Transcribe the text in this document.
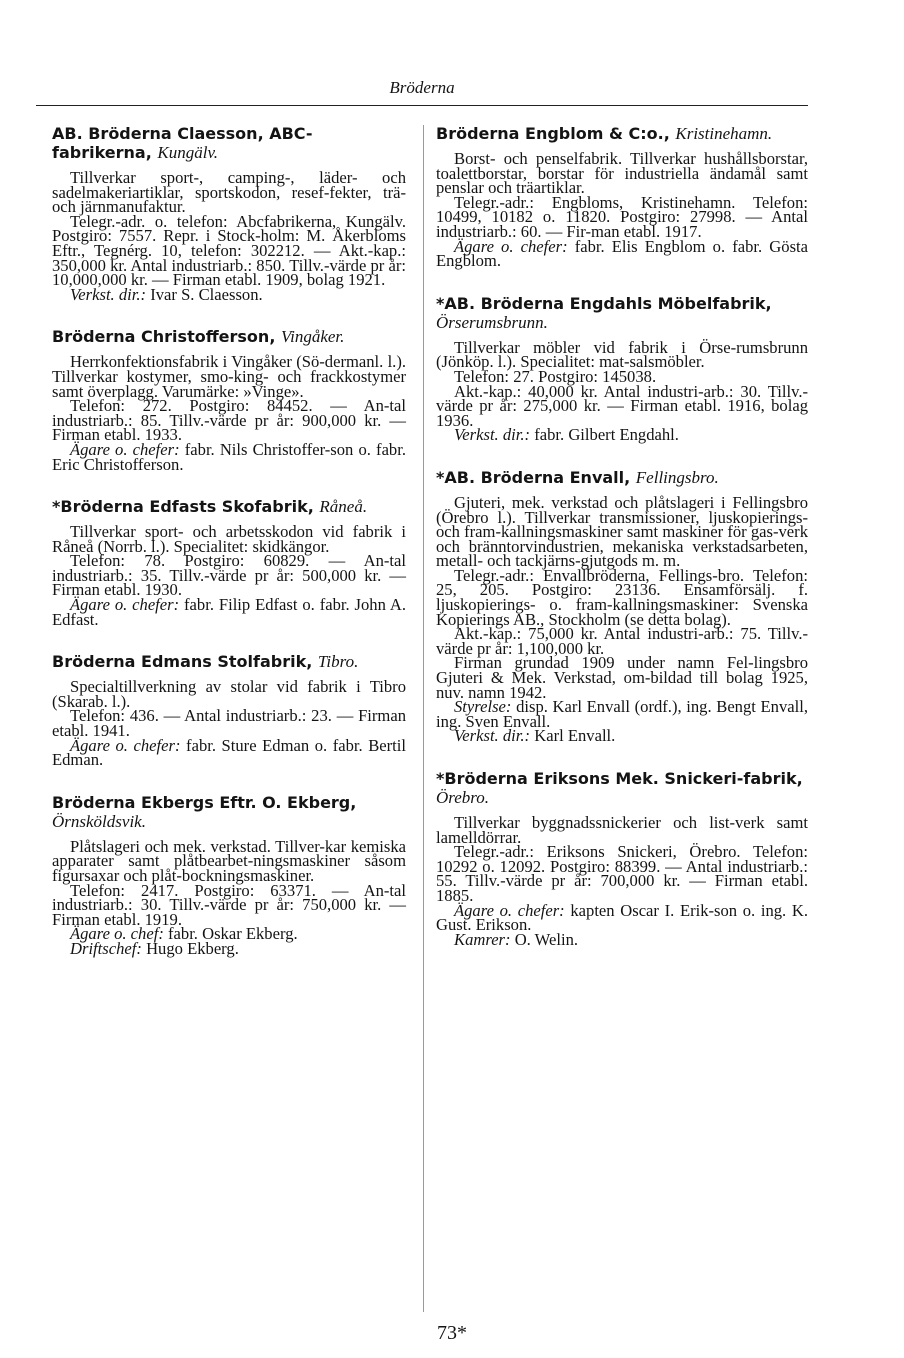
Bröderna
AB. Bröderna Claesson, ABC-fabrikerna, Kungälv.

Tillverkar sport-, camping-, läder- och sadelmakeriartiklar, sportskodon, resef-fekter, trä- och järnmanufaktur.

Telegr.-adr. o. telefon: Abcfabrikerna, Kungälv. Postgiro: 7557. Repr. i Stock-holm: M. Åkerbloms Eftr., Tegnérg. 10, telefon: 302212. — Akt.-kap.: 350,000 kr. Antal industriarb.: 850. Tillv.-värde pr år: 10,000,000 kr. — Firman etabl. 1909, bolag 1921.

Verkst. dir.: Ivar S. Claesson.

Bröderna Christofferson, Vingåker.

Herrkonfektionsfabrik i Vingåker (Sö-dermanl. l.). Tillverkar kostymer, smo-king- och frackkostymer samt överplagg. Varumärke: »Vinge».

Telefon: 272. Postgiro: 84452. — An-tal industriarb.: 85. Tillv.-värde pr år: 900,000 kr. — Firman etabl. 1933.

Ägare o. chefer: fabr. Nils Christoffer-son o. fabr. Eric Christofferson.

*Bröderna Edfasts Skofabrik, Råneå.

Tillverkar sport- och arbetsskodon vid fabrik i Råneå (Norrb. l.). Specialitet: skidkängor.

Telefon: 78. Postgiro: 60829. — An-tal industriarb.: 35. Tillv.-värde pr år: 500,000 kr. — Firman etabl. 1930.

Ägare o. chefer: fabr. Filip Edfast o. fabr. John A. Edfast.

Bröderna Edmans Stolfabrik, Tibro.

Specialtillverkning av stolar vid fabrik i Tibro (Skarab. l.).

Telefon: 436. — Antal industriarb.: 23. — Firman etabl. 1941.

Ägare o. chefer: fabr. Sture Edman o. fabr. Bertil Edman.

Bröderna Ekbergs Eftr. O. Ekberg, Örnsköldsvik.

Plåtslageri och mek. verkstad. Tillver-kar kemiska apparater samt plåtbearbet-ningsmaskiner såsom figursaxar och plåt-bockningsmaskiner.

Telefon: 2417. Postgiro: 63371. — An-tal industriarb.: 30. Tillv.-värde pr år: 750,000 kr. — Firman etabl. 1919.

Ägare o. chef: fabr. Oskar Ekberg.

Driftschef: Hugo Ekberg.

Bröderna Engblom & C:o., Kristinehamn.

Borst- och penselfabrik. Tillverkar hushållsborstar, toalettborstar, borstar för industriella ändamål samt penslar och träartiklar.

Telegr.-adr.: Engbloms, Kristinehamn. Telefon: 10499, 10182 o. 11820. Postgiro: 27998. — Antal industriarb.: 60. — Fir-man etabl. 1917.

Ägare o. chefer: fabr. Elis Engblom o. fabr. Gösta Engblom.

*AB. Bröderna Engdahls Möbelfabrik, Örserumsbrunn.

Tillverkar möbler vid fabrik i Örse-rumsbrunn (Jönköp. l.). Specialitet: mat-salsmöbler.

Telefon: 27. Postgiro: 145038.

Akt.-kap.: 40,000 kr. Antal industri-arb.: 30. Tillv.-värde pr år: 275,000 kr. — Firman etabl. 1916, bolag 1936.

Verkst. dir.: fabr. Gilbert Engdahl.

*AB. Bröderna Envall, Fellingsbro.

Gjuteri, mek. verkstad och plåtslageri i Fellingsbro (Örebro l.). Tillverkar transmissioner, ljuskopierings- och fram-kallningsmaskiner samt maskiner för gas-verk och bränntorvindustrien, mekaniska verkstadsarbeten, metall- och tackjärns-gjutgods m. m.

Telegr.-adr.: Envallbröderna, Fellings-bro. Telefon: 25, 205. Postgiro: 23136. Ensamförsälj. f. ljuskopierings- o. fram-kallningsmaskiner: Svenska Kopierings AB., Stockholm (se detta bolag).

Akt.-kap.: 75,000 kr. Antal industri-arb.: 75. Tillv.-värde pr år: 1,100,000 kr.

Firman grundad 1909 under namn Fel-lingsbro Gjuteri & Mek. Verkstad, om-bildad till bolag 1925, nuv. namn 1942.

Styrelse: disp. Karl Envall (ordf.), ing. Bengt Envall, ing. Sven Envall.

Verkst. dir.: Karl Envall.

*Bröderna Eriksons Mek. Snickeri-fabrik, Örebro.

Tillverkar byggnadssnickerier och list-verk samt lamelldörrar.

Telegr.-adr.: Eriksons Snickeri, Örebro. Telefon: 10292 o. 12092. Postgiro: 88399. — Antal industriarb.: 55. Tillv.-värde pr år: 700,000 kr. — Firman etabl. 1885.

Ägare o. chefer: kapten Oscar I. Erik-son o. ing. K. Gust. Erikson.

Kamrer: O. Welin.

73*
